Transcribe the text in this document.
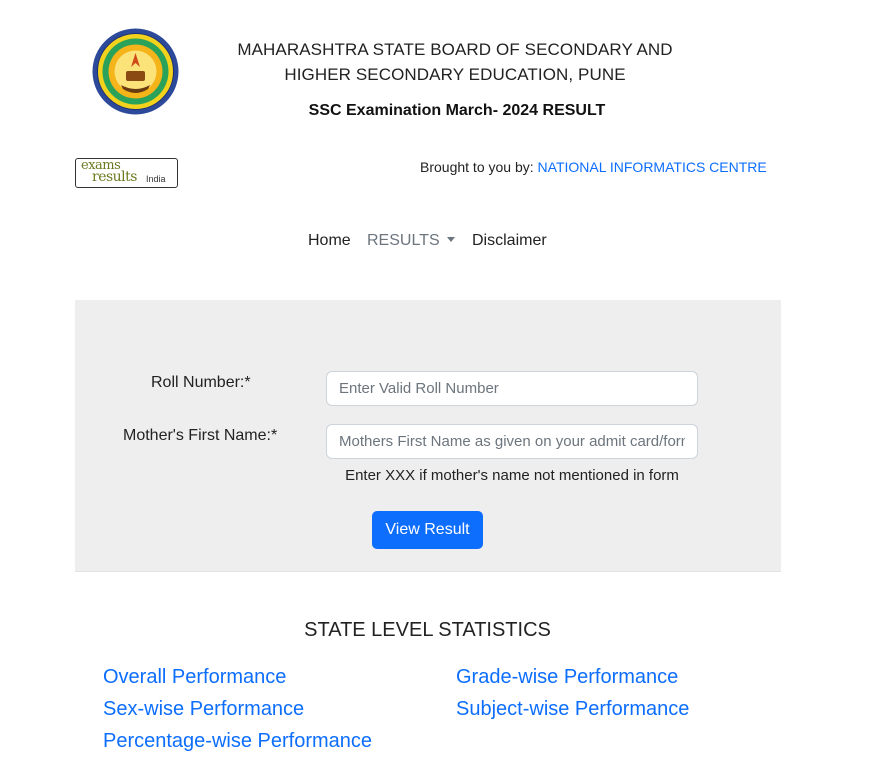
MAHARASHTRA STATE BOARD OF SECONDARY AND
HIGHER SECONDARY EDUCATION, PUNE
SSC Examination March- 2024 RESULT
exams
results India
Brought to you by: NATIONAL INFORMATICS CENTRE
Home RESULTS	Disclaimer
Roll Number:*
Enter Valid Roll Number
Mother's First Name:*
Mothers First Name as given on your admit card/form
Enter XXX if mother's name not mentioned in form
View Result
STATE LEVEL STATISTICS
Overall Performance
Sex-wise Performance
Percentage-wise Performance
Grade-wise Performance
Subject-wise Performance
